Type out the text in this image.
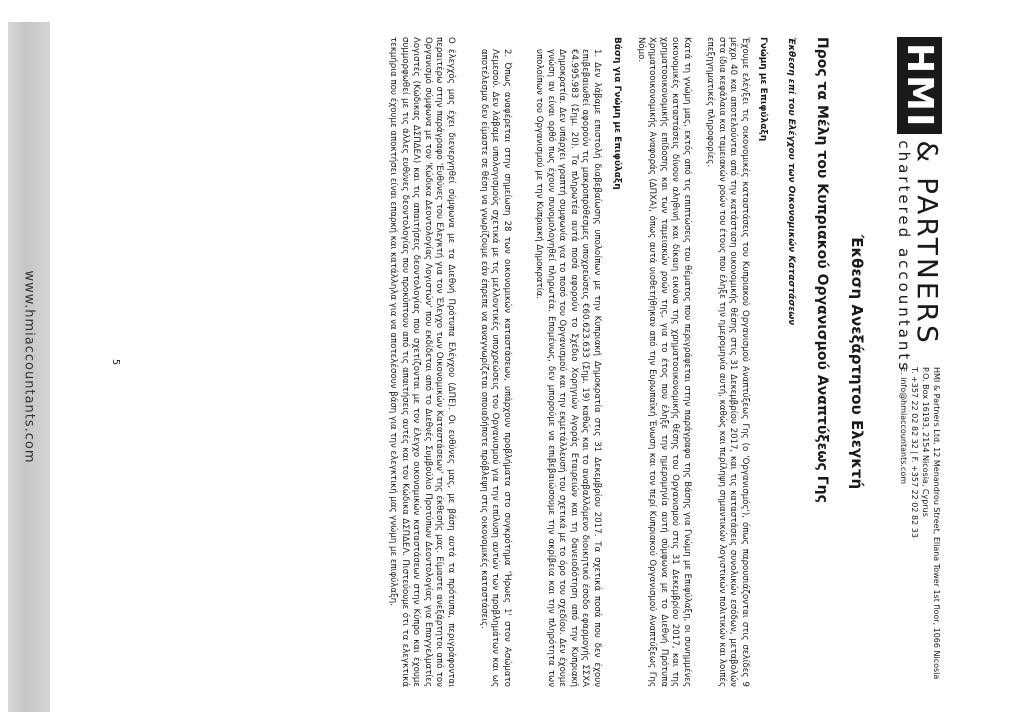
www.hmiaccountants.com
HMI
& PARTNERS
chartered accountants
HMI & Partners Ltd, 12 Menandrou Street, Eliana Tower 1st floor, 1066 Nicosia
P.O. Box 16193, 2154 Nicosia, Cyprus
T. +357 22 02 82 32 | F. +357 22 02 82 33
E. info@hmiaccountants.com
Έκθεση Ανεξάρτητου Ελεγκτή
Προς τα Μέλη του Κυπριακού Οργανισμού Αναπτύξεως Γης
Έκθεση επί του Ελέγχου των Οικονομικών Καταστάσεων
Γνώμη με Επιφύλαξη
Έχουμε ελέγξει τις οικονομικές καταστάσεις του Κυπριακού Οργανισμού Αναπτύξεως Γης (ο 'Οργανισμός'), όπως παρουσιάζονται στις σελίδες 9 μέχρι 40 και αποτελούνται από την κατάσταση οικονομικής θέσης στις 31 Δεκεμβρίου 2017, και τις καταστάσεις συνολικών εσόδων, μεταβολών στα ίδια κεφάλαια και ταμειακών ροών του έτους που έληξε την ημερομηνία αυτή, καθώς και περίληψη σημαντικών λογιστικών πολιτικών και λοιπές επεξηγηματικές πληροφορίες.
Κατά τη γνώμη μας, εκτός από τις επιπτώσεις του θέματος που περιγράφεται στην παράγραφο της Βάσης για Γνώμη με Επιφύλαξη, οι συνημμένες οικονομικές καταστάσεις δίνουν αληθινή και δίκαιη εικόνα της χρηματοοικονομικής θέσης του Οργανισμού στις 31 Δεκεμβρίου 2017, και της χρηματοοικονομικής επίδοσης και των ταμειακών ροών της, για το έτος που έληξε την ημερομηνία αυτή σύμφωνα με το Διεθνή Πρότυπα Χρηματοοικονομικής Αναφοράς (ΔΠΧΑ), όπως αυτά υιοθετήθηκαν από την Ευρωπαϊκή Ένωση και τον περί Κυπριακού Οργανισμού Αναπτύξεως Γης Νόμο.
Βάση για Γνώμη με Επιφύλαξη
1. Δεν λάβαμε επιστολή διαβεβαίωσης υπολοίπων με την Κυπριακή Δημοκρατία στις 31 Δεκεμβρίου 2017. Τα σχετικά ποσά που δεν έχουν επιβεβαιωθεί αφορούν τις μακροπρόθεσμες υποχρεώσεις €60.623.633 (Σημ. 19) καθώς και το αναβαλλόμενο διοικητικό έσοδο εφαρμογής ΣΣΧΑ €4.995.983 (Σημ. 20). Τα πληρωτέα αυτά ποσά αφορούν το Σχέδιο Χορηγιών Αγοράς Εταιρειών και τη δανειοδότηση από την Κυπριακή Δημοκρατία. Δεν υπάρχει γραπτή συμφωνία για το ποσό του Οργανισμού και την εκμετάλλευσή του σχετικά με το όρο του σχεδίου. Δεν έχουμε γνώση αν είναι ορθό πως έχουν συνομολογηθεί πληρωτέα. Επομένως, δεν μπορούμε να επιβεβαιώσουμε την ακρίβεια και την πληρότητα των υπολοίπων του Οργανισμού με την Κυπριακή Δημοκρατία.
2. Όπως αναφέρεται στην σημείωση 28 των οικονομικών καταστάσεων, υπάρχουν προβλήματα στο συγκρότημα 'Ήρωες 1' στον Ασώματο Λεμεσού. Δεν λάβαμε υπολογισμούς σχετικά με τις μελλοντικές υποχρεώσεις του Οργανισμού για την επίλυση αυτών των προβλημάτων και ως αποτέλεσμα δεν είμαστε σε θέση να γνωρίζουμε εάν έπρεπε να αναγνωρίζεται οποιαδήποτε πρόβλεψη στις οικονομικές καταστάσεις.
Ο έλεγχός μας έχει διενεργηθεί σύμφωνα με τα Διεθνή Πρότυπα Ελέγχου (ΔΠΕ). Οι ευθύνες μας, με βάση αυτά τα πρότυπα, περιγράφονται περαιτέρω στην παράγραφο 'Ευθύνες του Ελεγκτή για τον Έλεγχο των Οικονομικών Καταστάσεων' της έκθεσής μας. Είμαστε ανεξάρτητοι από τον Οργανισμό σύμφωνα με τον 'Κώδικα Δεοντολογίας Λογιστών' που εκδίδεται από το Διεθνές Συμβούλιο Προτύπων Δεοντολογίας για Επαγγελματίες Λογιστές (Κώδικας ΔΣΠΔΕΛ) και τις απαιτήσεις δεοντολογίας που σχετίζονται με τον έλεγχο οικονομικών καταστάσεων στην Κύπρο και έχουμε συμμορφωθεί με τις άλλες ευθύνες δεοντολογίας που προκύπτουν από τις απαιτήσεις αυτές και τον Κώδικα ΔΣΠΔΕΛ. Πιστεύουμε ότι τα ελεγκτικά τεκμήρια που έχουμε αποκτήσει είναι επαρκή και κατάλληλα για να αποτελέσουν βάση για την ελεγκτική μας γνώμη με επιφύλαξη.
5
